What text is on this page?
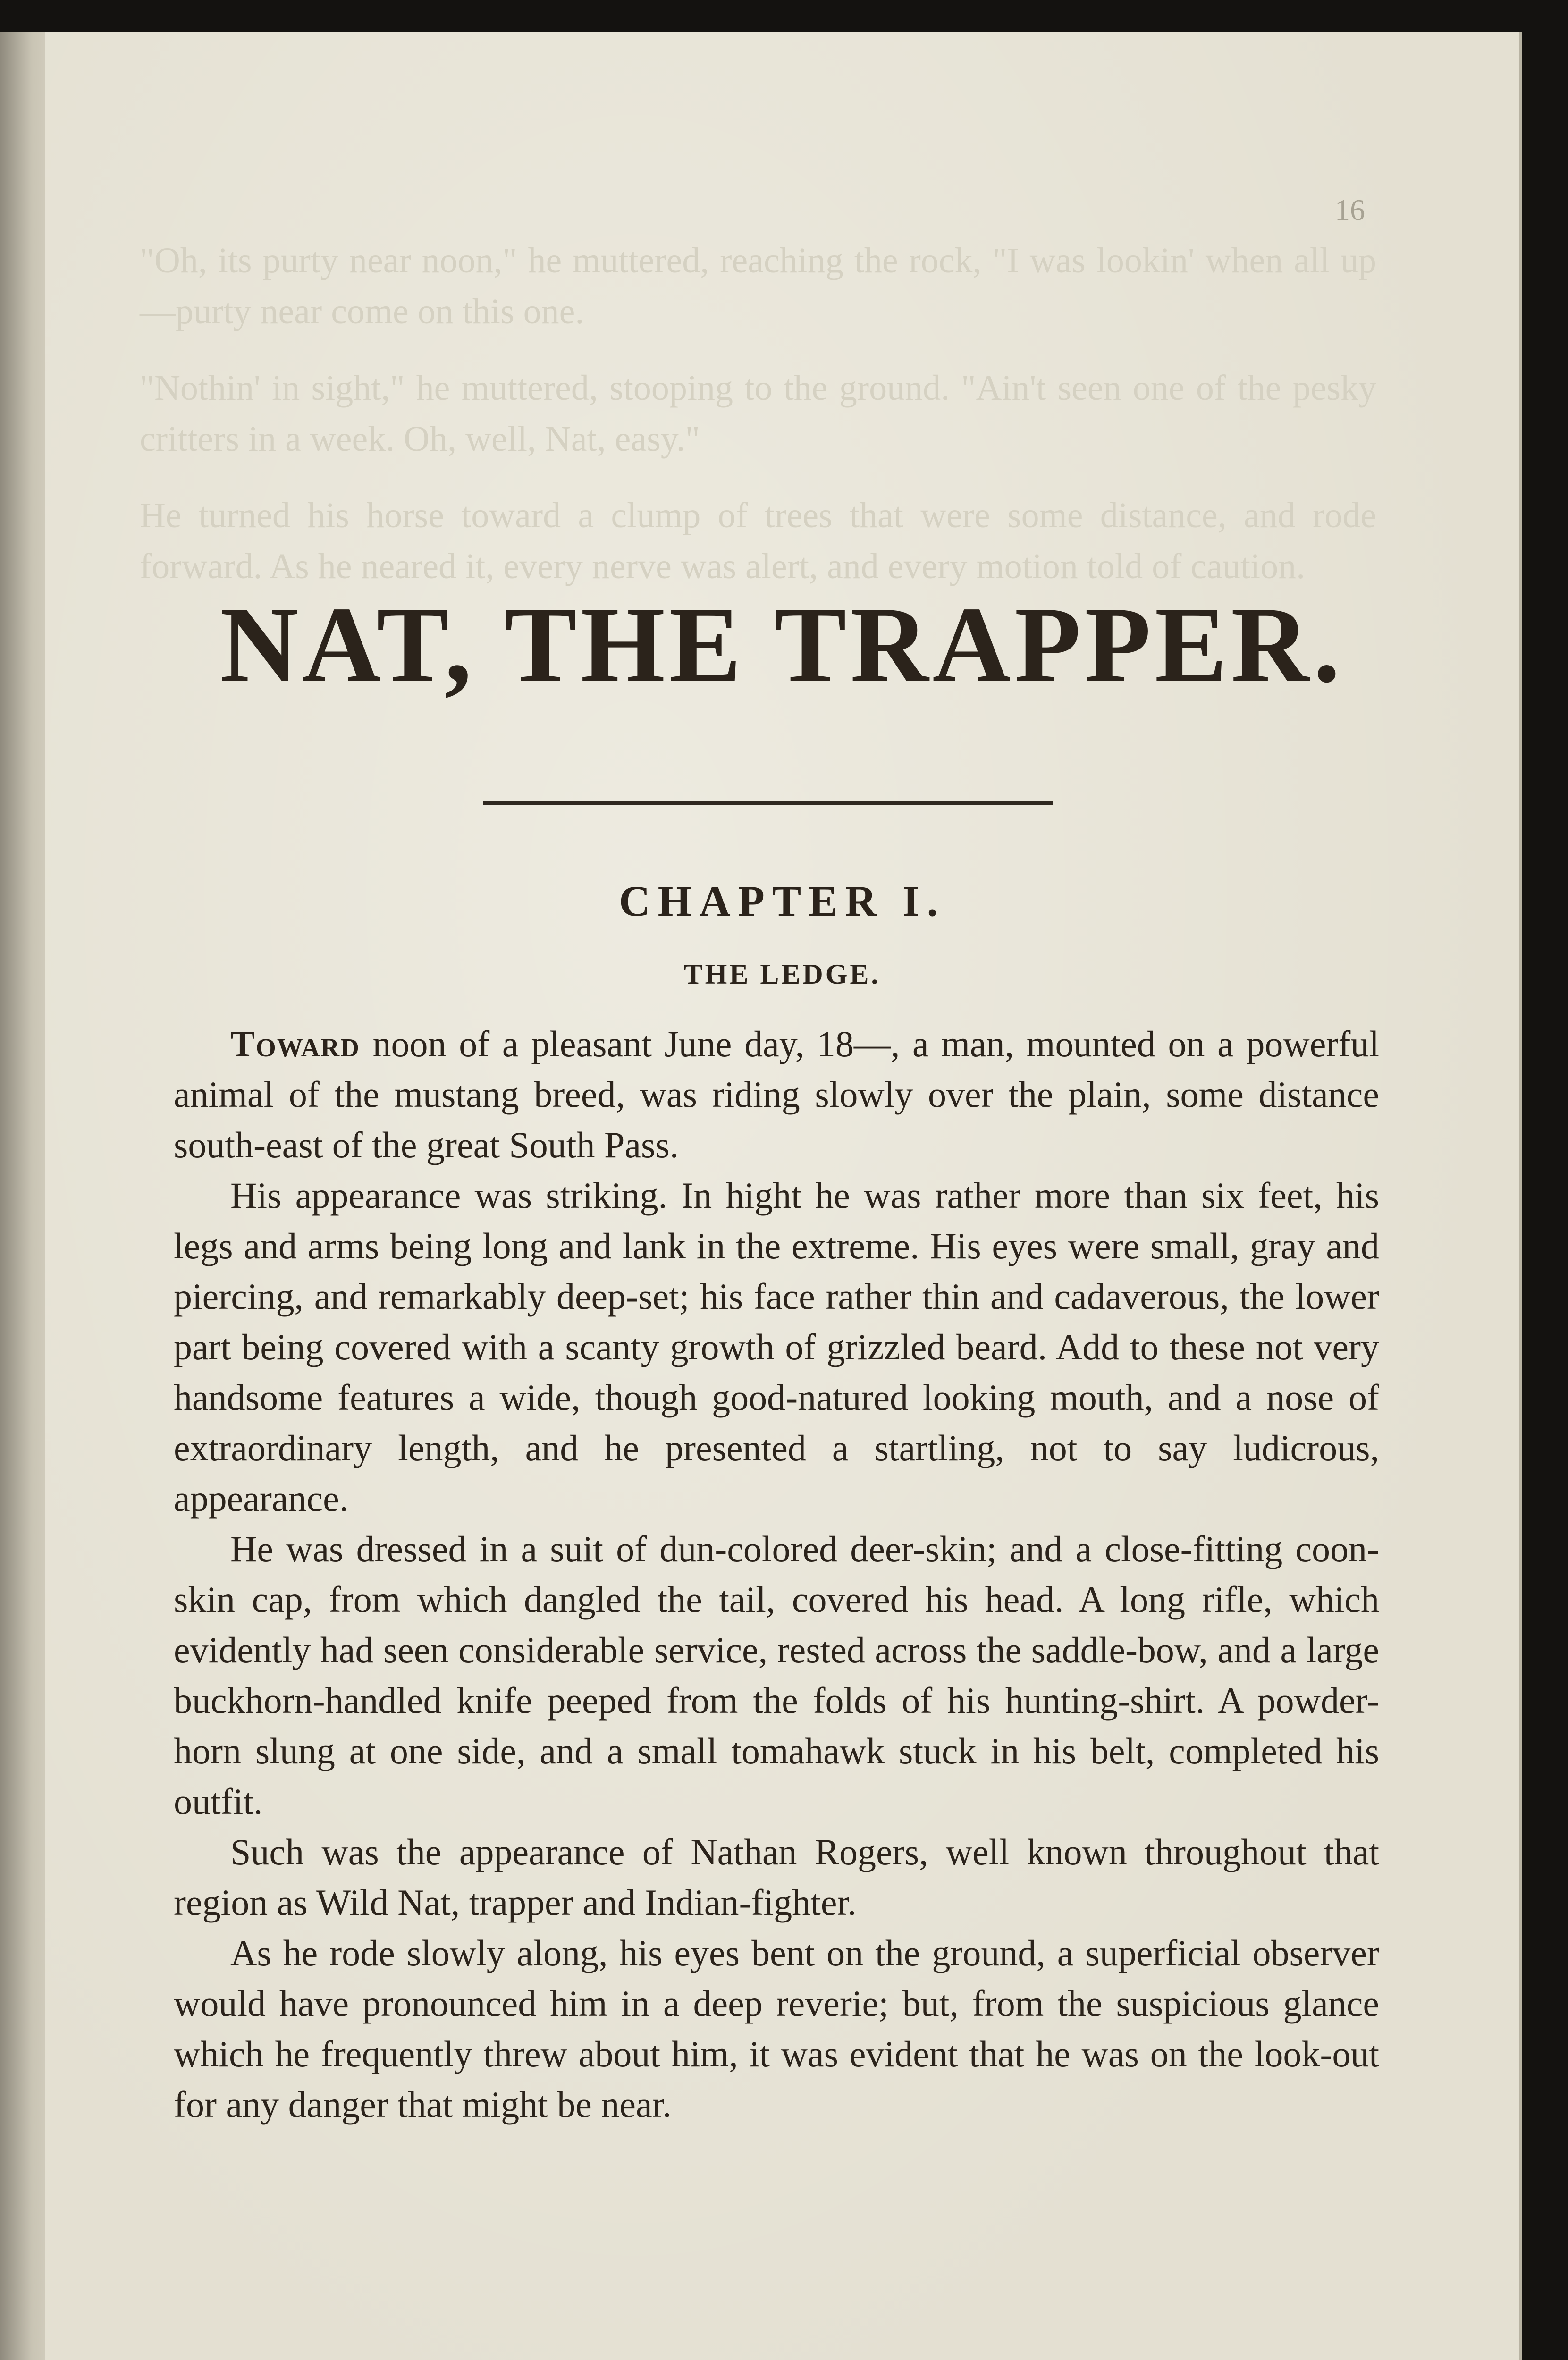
16

"Oh, its purty near noon," he muttered, reaching the rock, "I was lookin' when all up—purty near come on this one.

"Nothin' in sight," he muttered, stooping to the ground. "Ain't seen one of the pesky critters in a week. Oh, well, Nat, easy."

He turned his horse toward a clump of trees that were some distance, and rode forward. As he neared it, every nerve was alert, and every motion told of caution.

NAT, THE TRAPPER.
CHAPTER I.
THE LEDGE.

Toward noon of a pleasant June day, 18—, a man, mounted on a powerful animal of the mustang breed, was riding slowly over the plain, some distance south-east of the great South Pass.

His appearance was striking. In hight he was rather more than six feet, his legs and arms being long and lank in the extreme. His eyes were small, gray and piercing, and remarkably deep-set; his face rather thin and cadaverous, the lower part being covered with a scanty growth of grizzled beard. Add to these not very handsome features a wide, though good-natured looking mouth, and a nose of extraordinary length, and he presented a startling, not to say ludicrous, appearance.

He was dressed in a suit of dun-colored deer-skin; and a close-fitting coon-skin cap, from which dangled the tail, covered his head. A long rifle, which evidently had seen considerable service, rested across the saddle-bow, and a large buckhorn-handled knife peeped from the folds of his hunting-shirt. A powder-horn slung at one side, and a small tomahawk stuck in his belt, completed his outfit.

Such was the appearance of Nathan Rogers, well known throughout that region as Wild Nat, trapper and Indian-fighter.

As he rode slowly along, his eyes bent on the ground, a superficial observer would have pronounced him in a deep reverie; but, from the suspicious glance which he frequently threw about him, it was evident that he was on the look-out for any danger that might be near.
